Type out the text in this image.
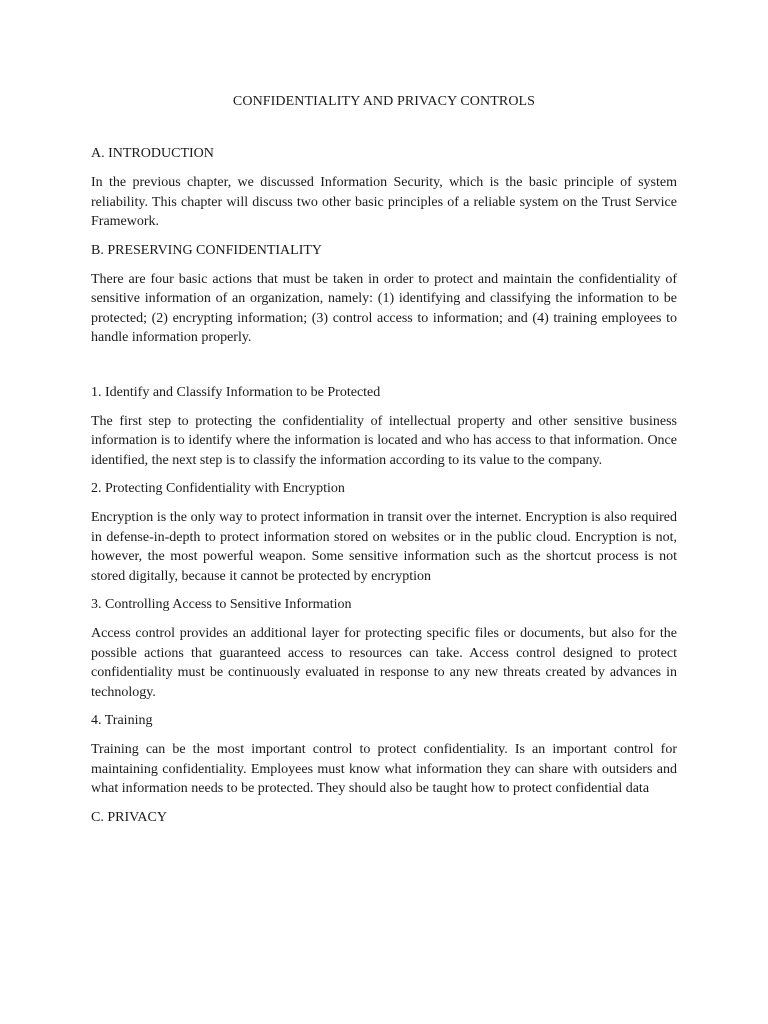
CONFIDENTIALITY AND PRIVACY CONTROLS
A. INTRODUCTION

In the previous chapter, we discussed Information Security, which is the basic principle of system reliability. This chapter will discuss two other basic principles of a reliable system on the Trust Service Framework.

B. PRESERVING CONFIDENTIALITY

There are four basic actions that must be taken in order to protect and maintain the confidentiality of sensitive information of an organization, namely: (1) identifying and classifying the information to be protected; (2) encrypting information; (3) control access to information; and (4) training employees to handle information properly.

1. Identify and Classify Information to be Protected

The first step to protecting the confidentiality of intellectual property and other sensitive business information is to identify where the information is located and who has access to that information. Once identified, the next step is to classify the information according to its value to the company.

2. Protecting Confidentiality with Encryption

Encryption is the only way to protect information in transit over the internet. Encryption is also required in defense-in-depth to protect information stored on websites or in the public cloud. Encryption is not, however, the most powerful weapon. Some sensitive information such as the shortcut process is not stored digitally, because it cannot be protected by encryption

3. Controlling Access to Sensitive Information

Access control provides an additional layer for protecting specific files or documents, but also for the possible actions that guaranteed access to resources can take. Access control designed to protect confidentiality must be continuously evaluated in response to any new threats created by advances in technology.

4. Training

Training can be the most important control to protect confidentiality. Is an important control for maintaining confidentiality. Employees must know what information they can share with outsiders and what information needs to be protected. They should also be taught how to protect confidential data

C. PRIVACY
